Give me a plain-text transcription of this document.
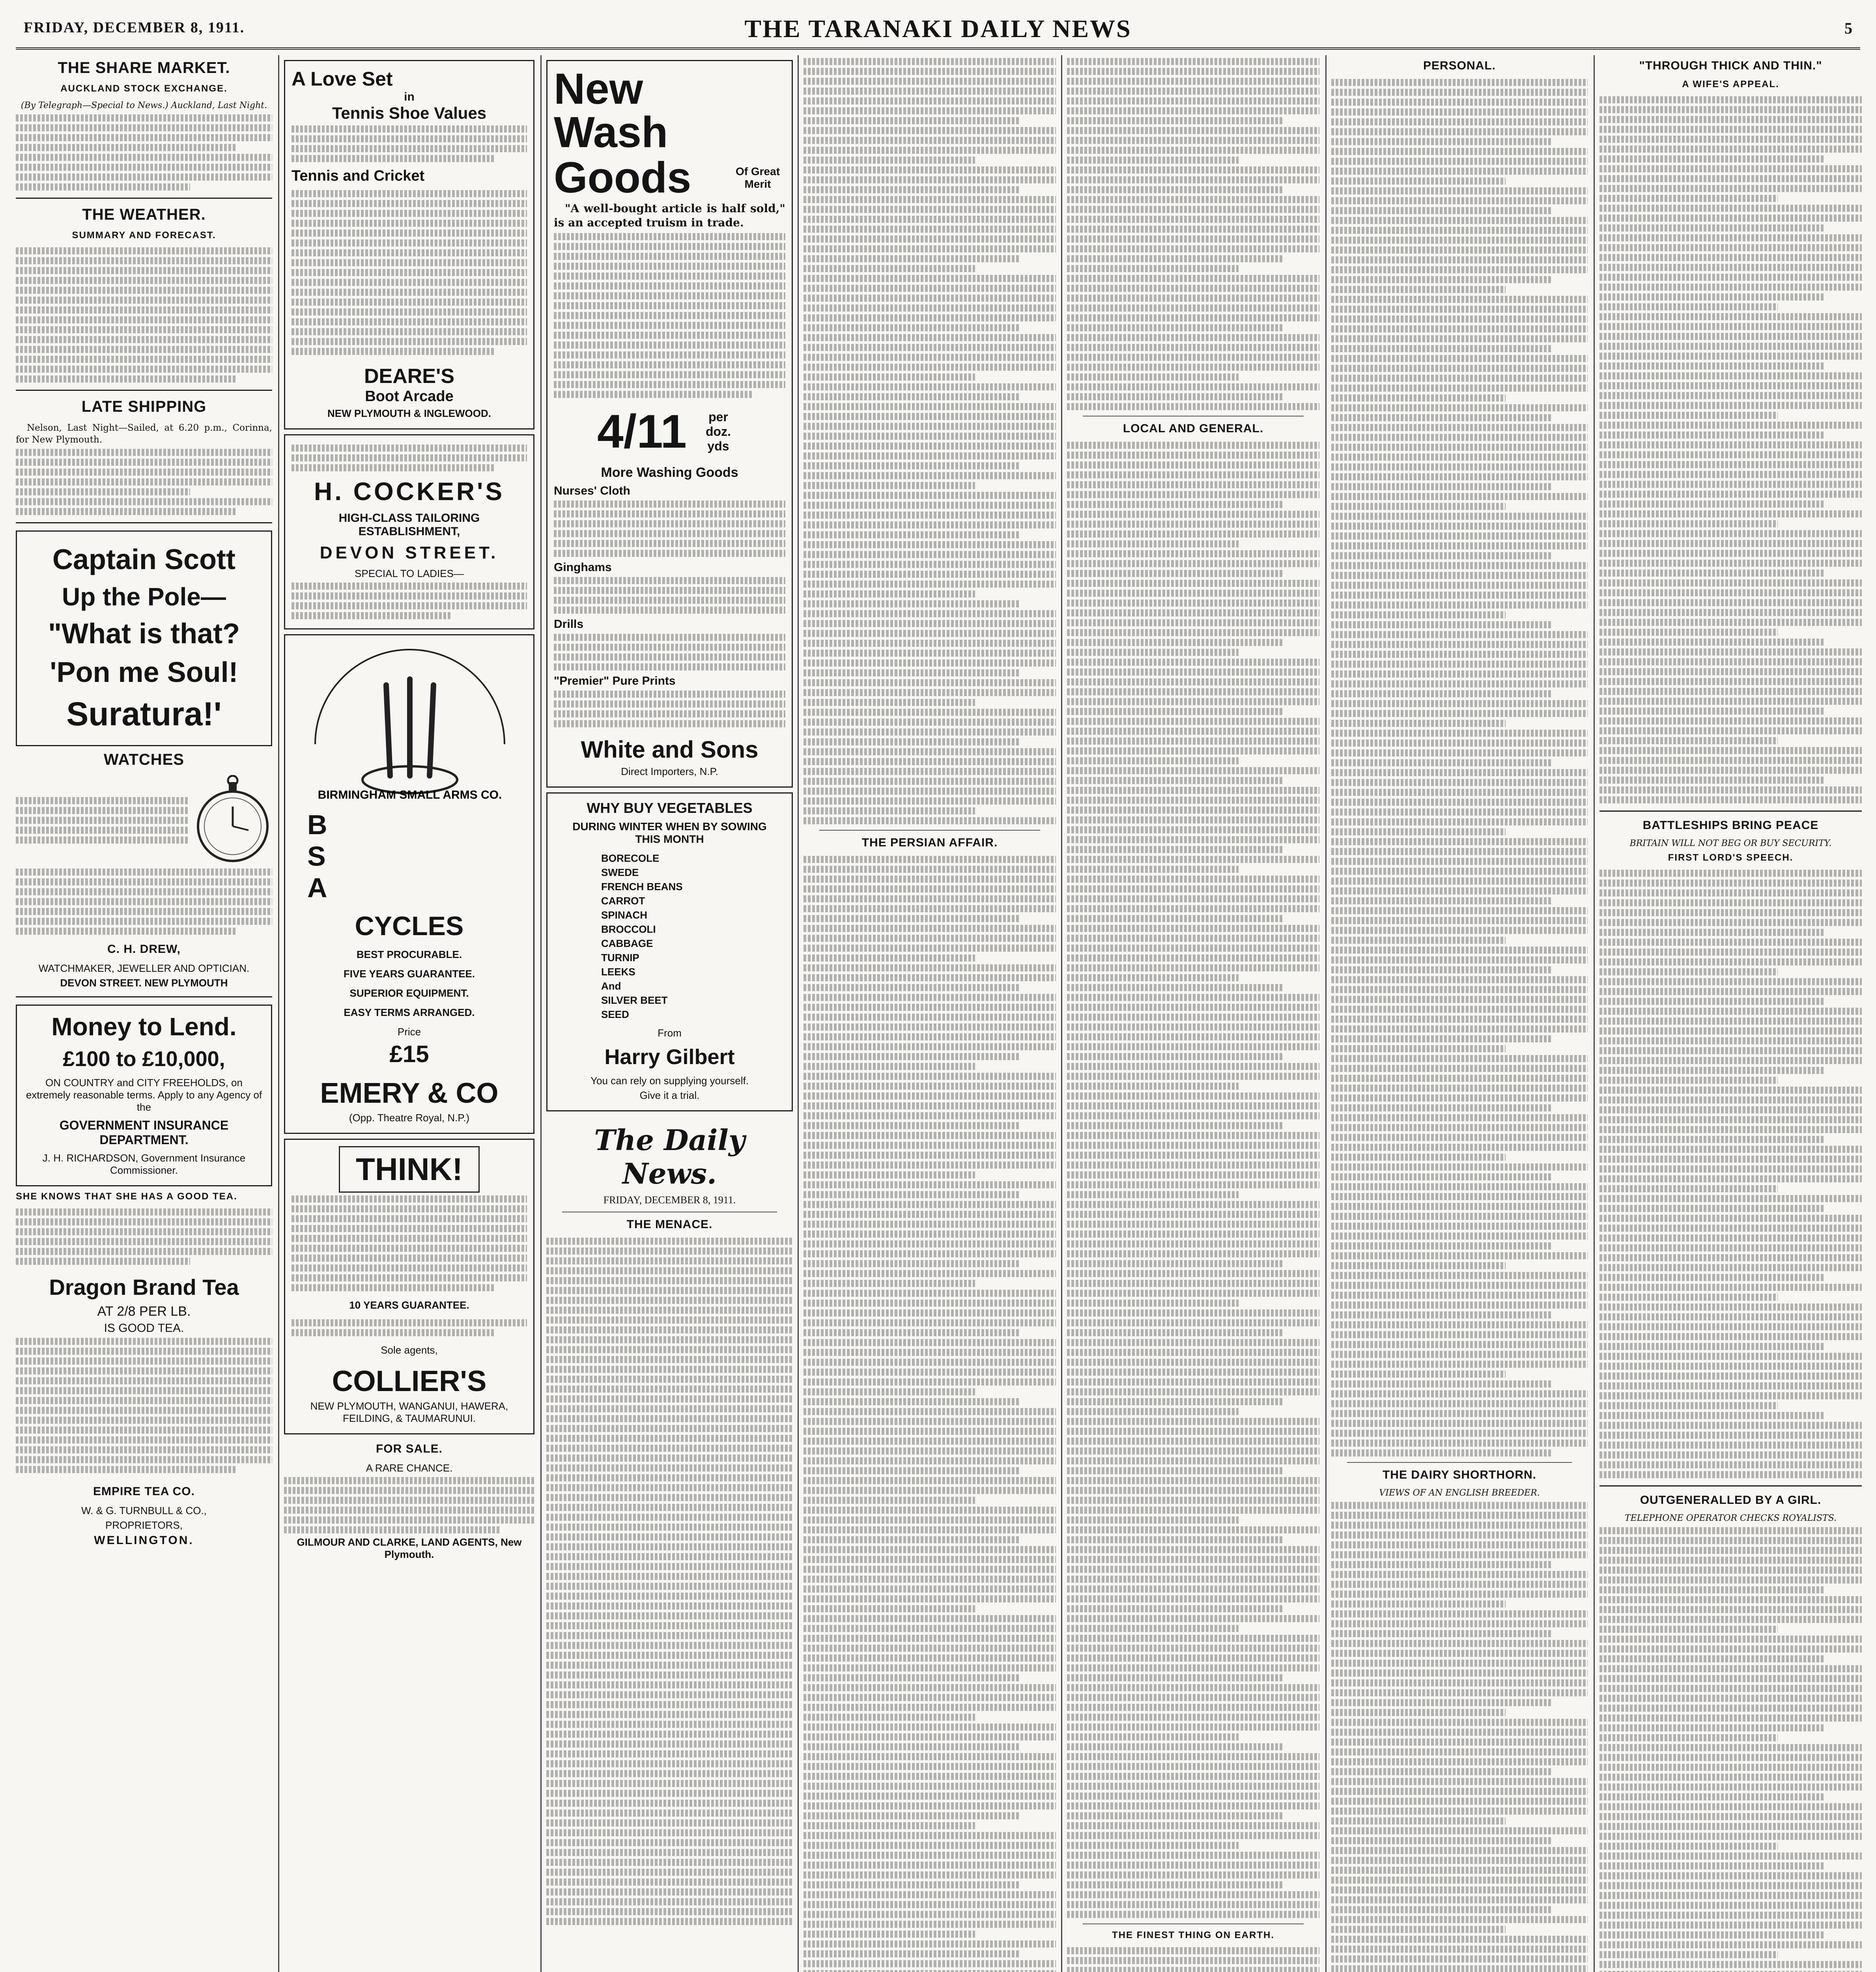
FRIDAY, DECEMBER 8, 1911.	THE TARANAKI DAILY NEWS	5
THE SHARE MARKET.
AUCKLAND STOCK EXCHANGE.
(By Telegraph—Special to News.) Auckland, Last Night.
THE WEATHER.
SUMMARY AND FORECAST.
LATE SHIPPING
Nelson, Last Night—Sailed, at 6.20 p.m., Corinna, for New Plymouth.
Captain Scott
Up the Pole—
"What is that?
'Pon me Soul!
Suratura!'
WATCHES
C. H. DREW,
WATCHMAKER, JEWELLER AND OPTICIAN.
DEVON STREET. NEW PLYMOUTH
Money to Lend.
£100 to £10,000,
ON COUNTRY and CITY FREEHOLDS, on extremely reasonable terms. Apply to any Agency of the
GOVERNMENT INSURANCE DEPARTMENT.
J. H. RICHARDSON, Government Insurance Commissioner.
SHE KNOWS THAT SHE HAS A GOOD TEA.
Dragon Brand Tea
AT 2/8 PER LB.
IS GOOD TEA.
EMPIRE TEA CO.
W. & G. TURNBULL & CO.,
PROPRIETORS,
WELLINGTON.
A Love Set
in
Tennis Shoe Values
Tennis and Cricket
DEARE'S
Boot Arcade
NEW PLYMOUTH & INGLEWOOD.
H. COCKER'S
HIGH-CLASS TAILORING ESTABLISHMENT,
DEVON STREET.
SPECIAL TO LADIES—
BIRMINGHAM SMALL ARMS CO.
B
S
A
CYCLES
BEST PROCURABLE.
FIVE YEARS GUARANTEE.
SUPERIOR EQUIPMENT.
EASY TERMS ARRANGED.
Price
£15
EMERY & CO
(Opp. Theatre Royal, N.P.)
THINK!
10 YEARS GUARANTEE.
Sole agents,
COLLIER'S
NEW PLYMOUTH, WANGANUI, HAWERA, FEILDING, & TAUMARUNUI.
FOR SALE.
A RARE CHANCE.
GILMOUR AND CLARKE, LAND AGENTS, New Plymouth.
New
Wash
Goods	Of Great Merit
"A well-bought article is half sold," is an accepted truism in trade.
4/11	per doz. yds
More Washing Goods
Nurses' Cloth
Ginghams
Drills
"Premier" Pure Prints
White and Sons
Direct Importers, N.P.
WHY BUY VEGETABLES
DURING WINTER WHEN BY SOWING THIS MONTH
BORECOLE
SWEDE
FRENCH BEANS
CARROT
SPINACH
BROCCOLI
CABBAGE
TURNIP
LEEKS
And
SILVER BEET
SEED
From
Harry Gilbert
You can rely on supplying yourself.
Give it a trial.
The Daily News.
FRIDAY, DECEMBER 8, 1911.
THE MENACE.
THE PERSIAN AFFAIR.
LOCAL AND GENERAL.
THE FINEST THING ON EARTH.
PERSONAL.
THE DAIRY SHORTHORN.
VIEWS OF AN ENGLISH BREEDER.
"THROUGH THICK AND THIN."
A WIFE'S APPEAL.
BATTLESHIPS BRING PEACE
BRITAIN WILL NOT BEG OR BUY SECURITY.
FIRST LORD'S SPEECH.
OUTGENERALLED BY A GIRL.
TELEPHONE OPERATOR CHECKS ROYALISTS.
